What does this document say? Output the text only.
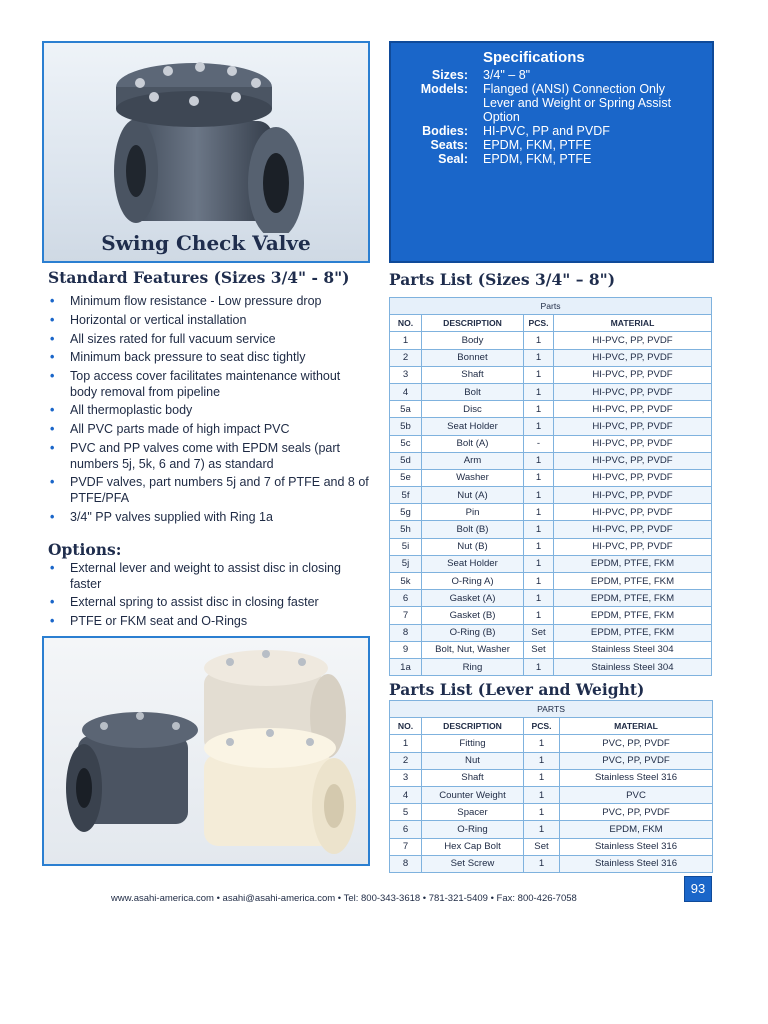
Swing Check Valve
Specifications
Sizes: 3/4" – 8"
Models: Flanged (ANSI) Connection Only Lever and Weight or Spring Assist Option
Bodies: HI-PVC, PP and PVDF
Seats: EPDM, FKM, PTFE
Seal: EPDM, FKM, PTFE
Standard Features (Sizes 3/4" - 8")
• Minimum flow resistance - Low pressure drop
• Horizontal or vertical installation
• All sizes rated for full vacuum service
• Minimum back pressure to seat disc tightly
• Top access cover facilitates maintenance without body removal from pipeline
• All thermoplastic body
• All PVC parts made of high impact PVC
• PVC and PP valves come with EPDM seals (part numbers 5j, 5k, 6 and 7) as standard
• PVDF valves, part numbers 5j and 7 of PTFE and 8 of PTFE/PFA
• 3/4" PP valves supplied with Ring 1a
Options:
• External lever and weight to assist disc in closing faster
• External spring to assist disc in closing faster
• PTFE or FKM seat and O-Rings
Parts List (Sizes 3/4" – 8")
Parts			
NO.	DESCRIPTION	PCS.	MATERIAL
1	Body	1	HI-PVC, PP, PVDF
2	Bonnet	1	HI-PVC, PP, PVDF
3	Shaft	1	HI-PVC, PP, PVDF
4	Bolt	1	HI-PVC, PP, PVDF
5a	Disc	1	HI-PVC, PP, PVDF
5b	Seat Holder	1	HI-PVC, PP, PVDF
5c	Bolt (A)	-	HI-PVC, PP, PVDF
5d	Arm	1	HI-PVC, PP, PVDF
5e	Washer	1	HI-PVC, PP, PVDF
5f	Nut (A)	1	HI-PVC, PP, PVDF
5g	Pin	1	HI-PVC, PP, PVDF
5h	Bolt (B)	1	HI-PVC, PP, PVDF
5i	Nut (B)	1	HI-PVC, PP, PVDF
5j	Seat Holder	1	EPDM, PTFE, FKM
5k	O-Ring A)	1	EPDM, PTFE, FKM
6	Gasket (A)	1	EPDM, PTFE, FKM
7	Gasket (B)	1	EPDM, PTFE, FKM
8	O-Ring (B)	Set	EPDM, PTFE, FKM
9	Bolt, Nut, Washer	Set	Stainless Steel 304
1a	Ring	1	Stainless Steel 304
Parts List (Lever and Weight)
PARTS			
NO.	DESCRIPTION	PCS.	MATERIAL
1	Fitting	1	PVC, PP, PVDF
2	Nut	1	PVC, PP, PVDF
3	Shaft	1	Stainless Steel 316
4	Counter Weight	1	PVC
5	Spacer	1	PVC, PP, PVDF
6	O-Ring	1	EPDM, FKM
7	Hex Cap Bolt	Set	Stainless Steel 316
8	Set Screw	1	Stainless Steel 316
www.asahi-america.com • asahi@asahi-america.com • Tel: 800-343-3618 • 781-321-5409 • Fax: 800-426-7058
93
